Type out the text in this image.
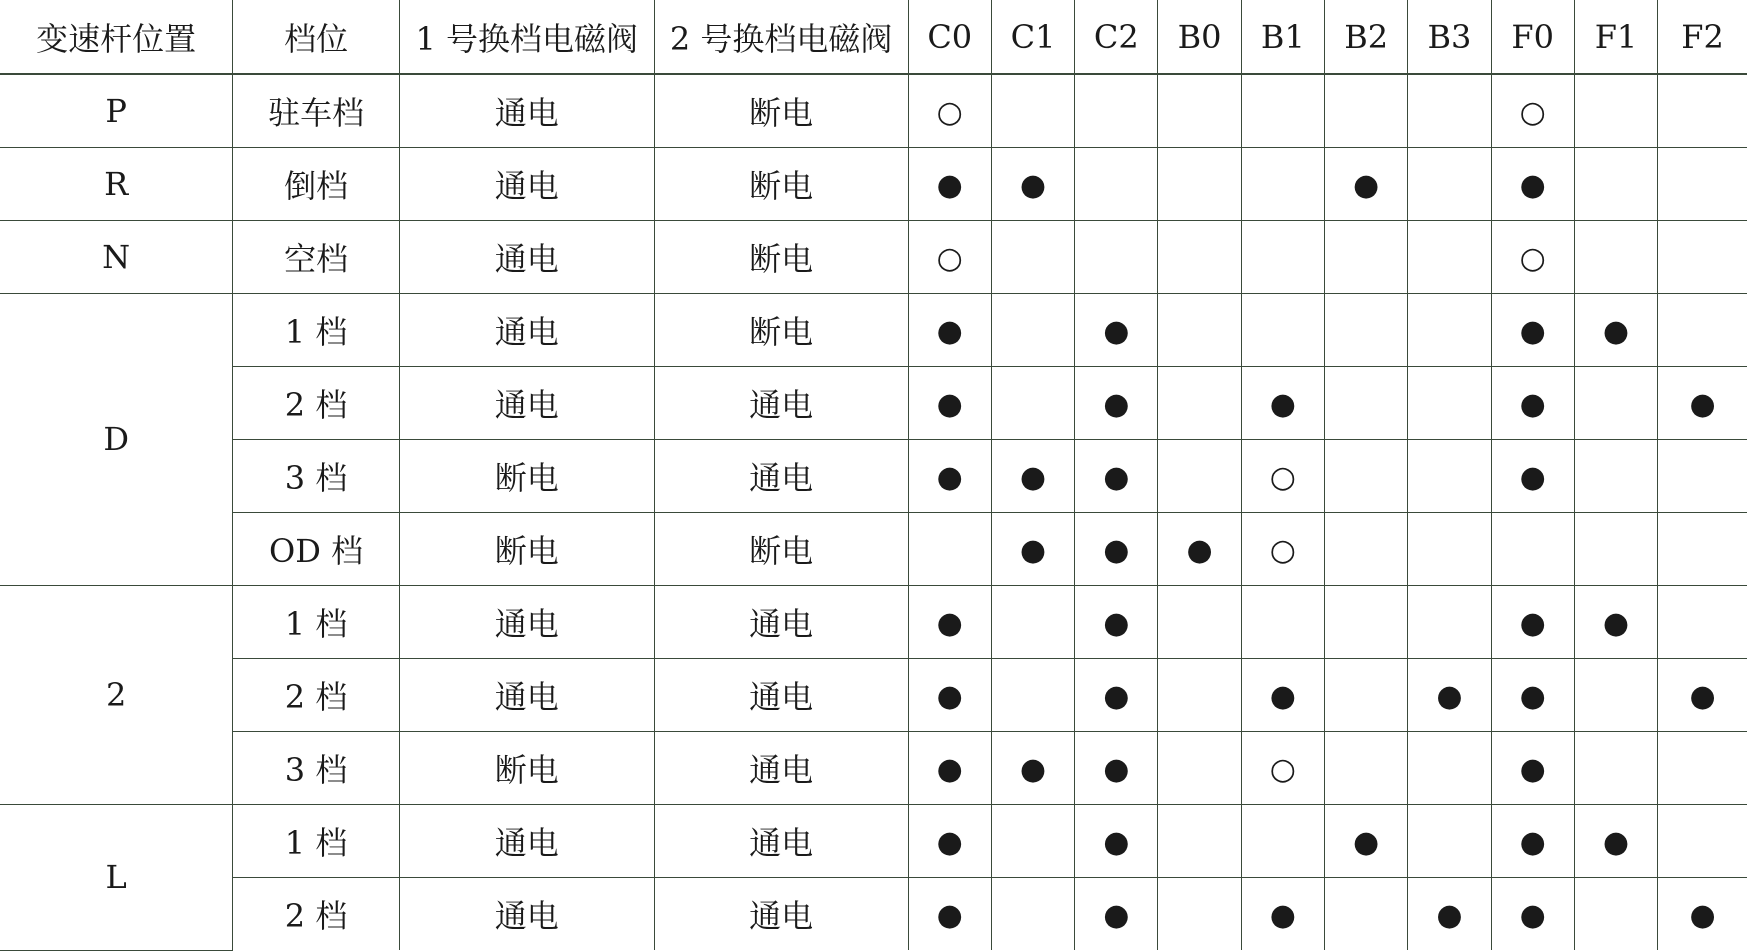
变速杆位置	档位	1 号换档电磁阀	2 号换档电磁阀	C0	C1	C2	B0	B1	B2	B3	F0	F1	F2
P	驻车档	通电	断电	○							○		
R	倒档	通电	断电	●	●				●		●		
N	空档	通电	断电	○							○		
D	1 档	通电	断电	●		●					●	●	
	2 档	通电	通电	●		●		●			●		●
	3 档	断电	通电	●	●	●		○			●		
	OD 档	断电	断电		●	●	●	○					
2	1 档	通电	通电	●		●					●	●	
	2 档	通电	通电	●		●		●		●	●		●
	3 档	断电	通电	●	●	●		○			●		
L	1 档	通电	通电	●		●			●		●	●	
	2 档	通电	通电	●		●		●		●	●		●
